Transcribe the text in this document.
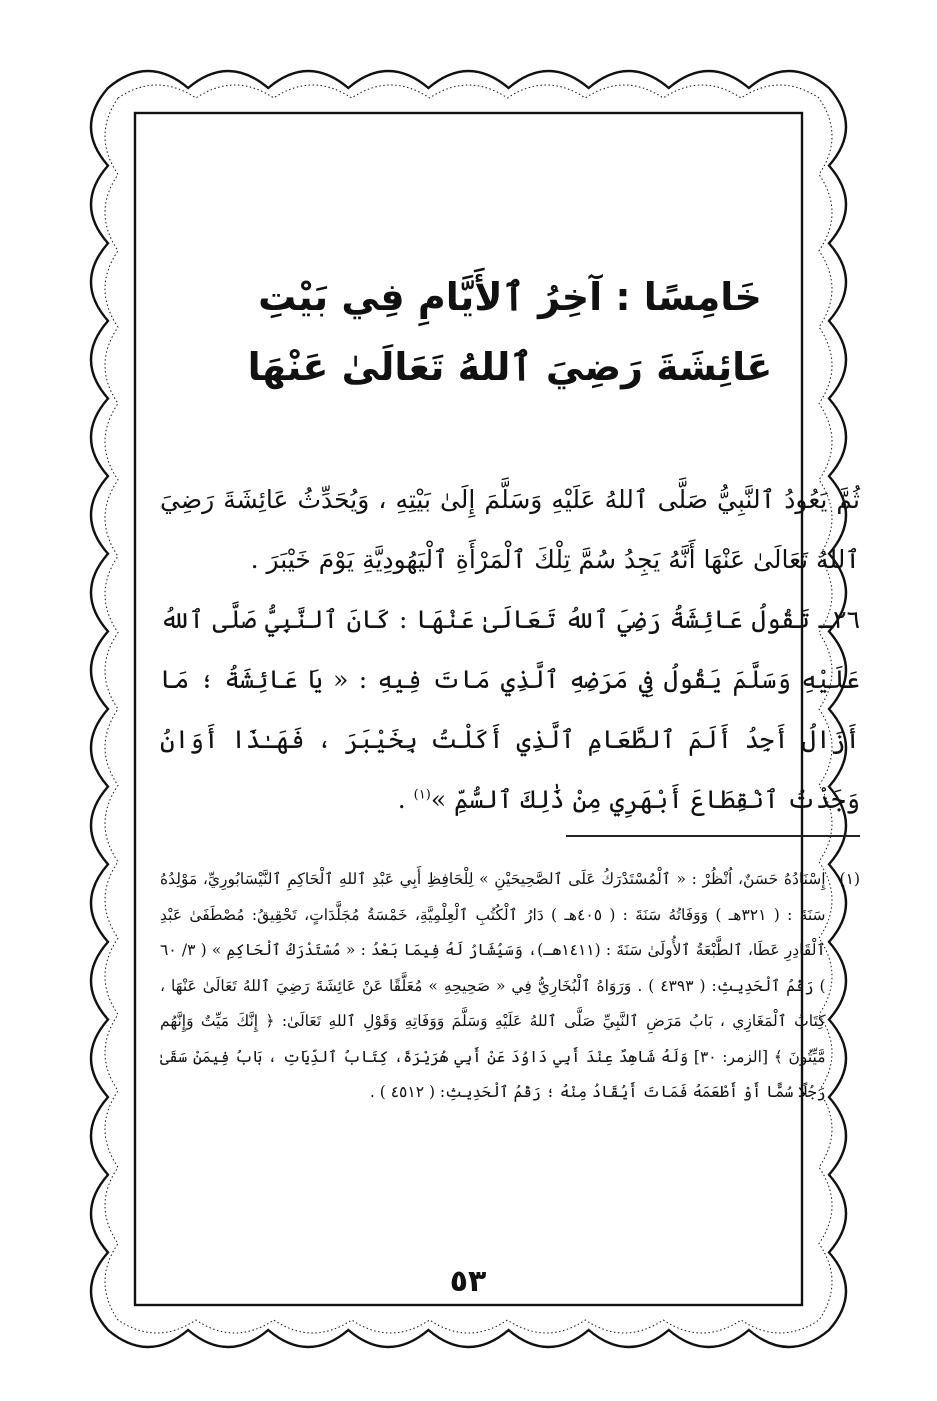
خَامِسًا : آخِرُ ٱلأَيَّامِ فِي بَيْتِ
عَائِشَةَ رَضِيَ ٱللهُ تَعَالَىٰ عَنْهَا

ثُمَّ يَعُودُ ٱلنَّبِيُّ صَلَّى ٱللهُ عَلَيْهِ وَسَلَّمَ إِلَىٰ بَيْتِهِ ، وَيُحَدِّثُ عَائِشَةَ رَضِيَ ٱللهُ تَعَالَىٰ عَنْهَا أَنَّهُ يَجِدُ سُمَّ تِلْكَ ٱلْمَرْأَةِ ٱلْيَهُودِيَّةِ يَوْمَ خَيْبَرَ .

٢٦ـ تَقُولُ عَائِشَةُ رَضِيَ ٱللهُ تَعَالَىٰ عَنْهَا : كَانَ ٱلنَّبِيُّ صَلَّى ٱللهُ عَلَيْهِ وَسَلَّمَ يَقُولُ فِي مَرَضِهِ ٱلَّذِي مَاتَ فِيهِ : « يَا عَائِشَةُ ؛ مَا أَزَالُ أَجِدُ أَلَمَ ٱلطَّعَامِ ٱلَّذِي أَكَلْتُ بِخَيْبَرَ ، فَهَـٰذَا أَوَانُ وَجَدْتُ ٱنْقِطَاعَ أَبْهَرِي مِنْ ذَٰلِكَ ٱلسُّمِّ »$^{(١)}$ .

(١)
إِسْنَادُهُ حَسَنٌ، اُنْظُرْ : « ٱلْمُسْتَدْرَكُ عَلَى ٱلصَّحِيحَيْنِ » لِلْحَافِظِ أَبِي عَبْدِ ٱللهِ ٱلْحَاكِمِ ٱلنَّيْسَابُورِيِّ، مَوْلِدُهُ سَنَةَ : ( ٣٢١هـ ) وَوَفَاتُهُ سَنَةَ : ( ٤٠٥هـ ) دَارُ ٱلْكُتُبِ ٱلْعِلْمِيَّةِ، خَمْسَةُ مُجَلَّدَاتٍ، تَحْقِيقُ: مُصْطَفَىٰ عَبْدِ ٱلْقَادِرِ عَطَا، ٱلطَّبْعَةُ ٱلأُولَىٰ سَنَةَ : (١٤١١هـ)، وَسَيُشَارُ لَهُ فِيمَا بَعْدُ : « مُسْتَدْرَكُ ٱلْحَاكِمِ » ( ٣/ ٦٠ ) رَقْمُ ٱلْحَدِيثِ: ( ٤٣٩٣ ) . وَرَوَاهُ ٱلْبُخَارِيُّ فِي « صَحِيحِهِ » مُعَلَّقًا عَنْ عَائِشَةَ رَضِيَ ٱللهُ تَعَالَىٰ عَنْهَا ، كِتَابُ ٱلْمَغَازِي ، بَابُ مَرَضِ ٱلنَّبِيِّ صَلَّى ٱللهُ عَلَيْهِ وَسَلَّمَ وَوَفَاتِهِ وَقَوْلِ ٱللهِ تَعَالَىٰ: ﴿ إِنَّكَ مَيِّتٌ وَإِنَّهُم مَّيِّتُونَ ﴾ [الزمر: ٣٠] وَلَهُ شَاهِدٌ عِنْدَ أَبِي دَاوُدَ عَنْ أَبِي هُرَيْرَةَ، كِتَابُ ٱلدِّيَاتِ ، بَابُ فِيمَنْ سَقَىٰ رَجُلًا سُمًّا أَوْ أَطْعَمَهُ فَمَاتَ أَيُقَادُ مِنْهُ ؛ رَقْمُ ٱلْحَدِيثِ: ( ٤٥١٢ ) .
٥٣
